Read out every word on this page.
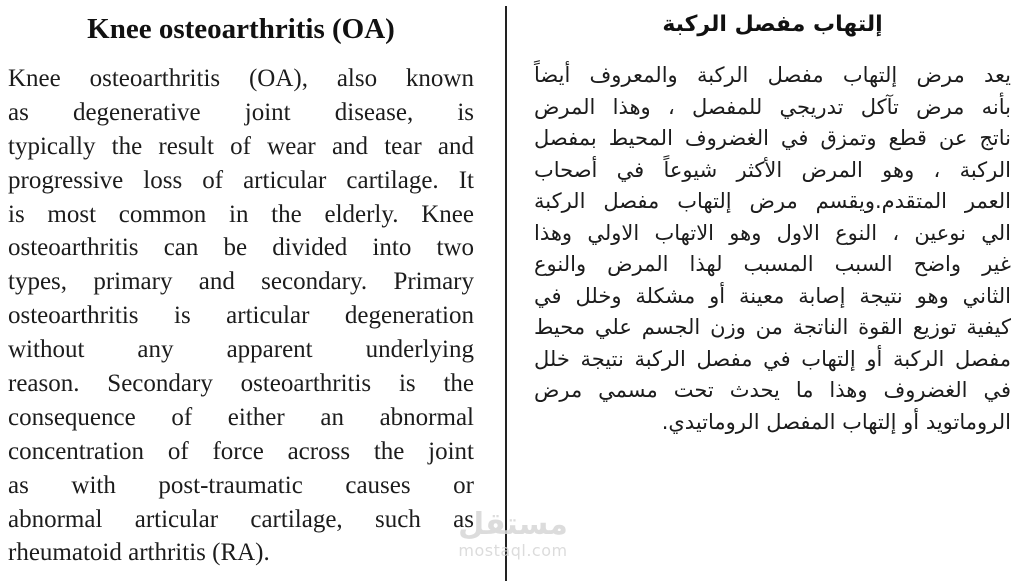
Knee osteoarthritis (OA)
Knee osteoarthritis (OA), also known
as degenerative joint disease, is
typically the result of wear and tear and
progressive loss of articular cartilage. It
is most common in the elderly. Knee
osteoarthritis can be divided into two
types, primary and secondary. Primary
osteoarthritis is articular degeneration
without any apparent underlying
reason. Secondary osteoarthritis is the
consequence of either an abnormal
concentration of force across the joint
as with post-traumatic causes or
abnormal articular cartilage, such as
rheumatoid arthritis (RA).
إلتهاب مفصل الركبة
يعد مرض إلتهاب مفصل الركبة والمعروف أيضاً
بأنه مرض تآكل تدريجي للمفصل ، وهذا المرض
ناتج عن قطع وتمزق في الغضروف المحيط بمفصل
الركبة ، وهو المرض الأكثر شيوعاً في أصحاب
العمر المتقدم.ويقسم مرض إلتهاب مفصل الركبة
الي نوعين ، النوع الاول وهو الاتهاب الاولي وهذا
غير واضح السبب المسبب لهذا المرض والنوع
الثاني وهو نتيجة إصابة معينة أو مشكلة وخلل في
كيفية توزيع القوة الناتجة من وزن الجسم علي محيط
مفصل الركبة أو إلتهاب في مفصل الركبة نتيجة خلل
في الغضروف وهذا ما يحدث تحت مسمي مرض
الروماتويد أو إلتهاب المفصل الروماتيدي.
مستقل
mostaql.com
